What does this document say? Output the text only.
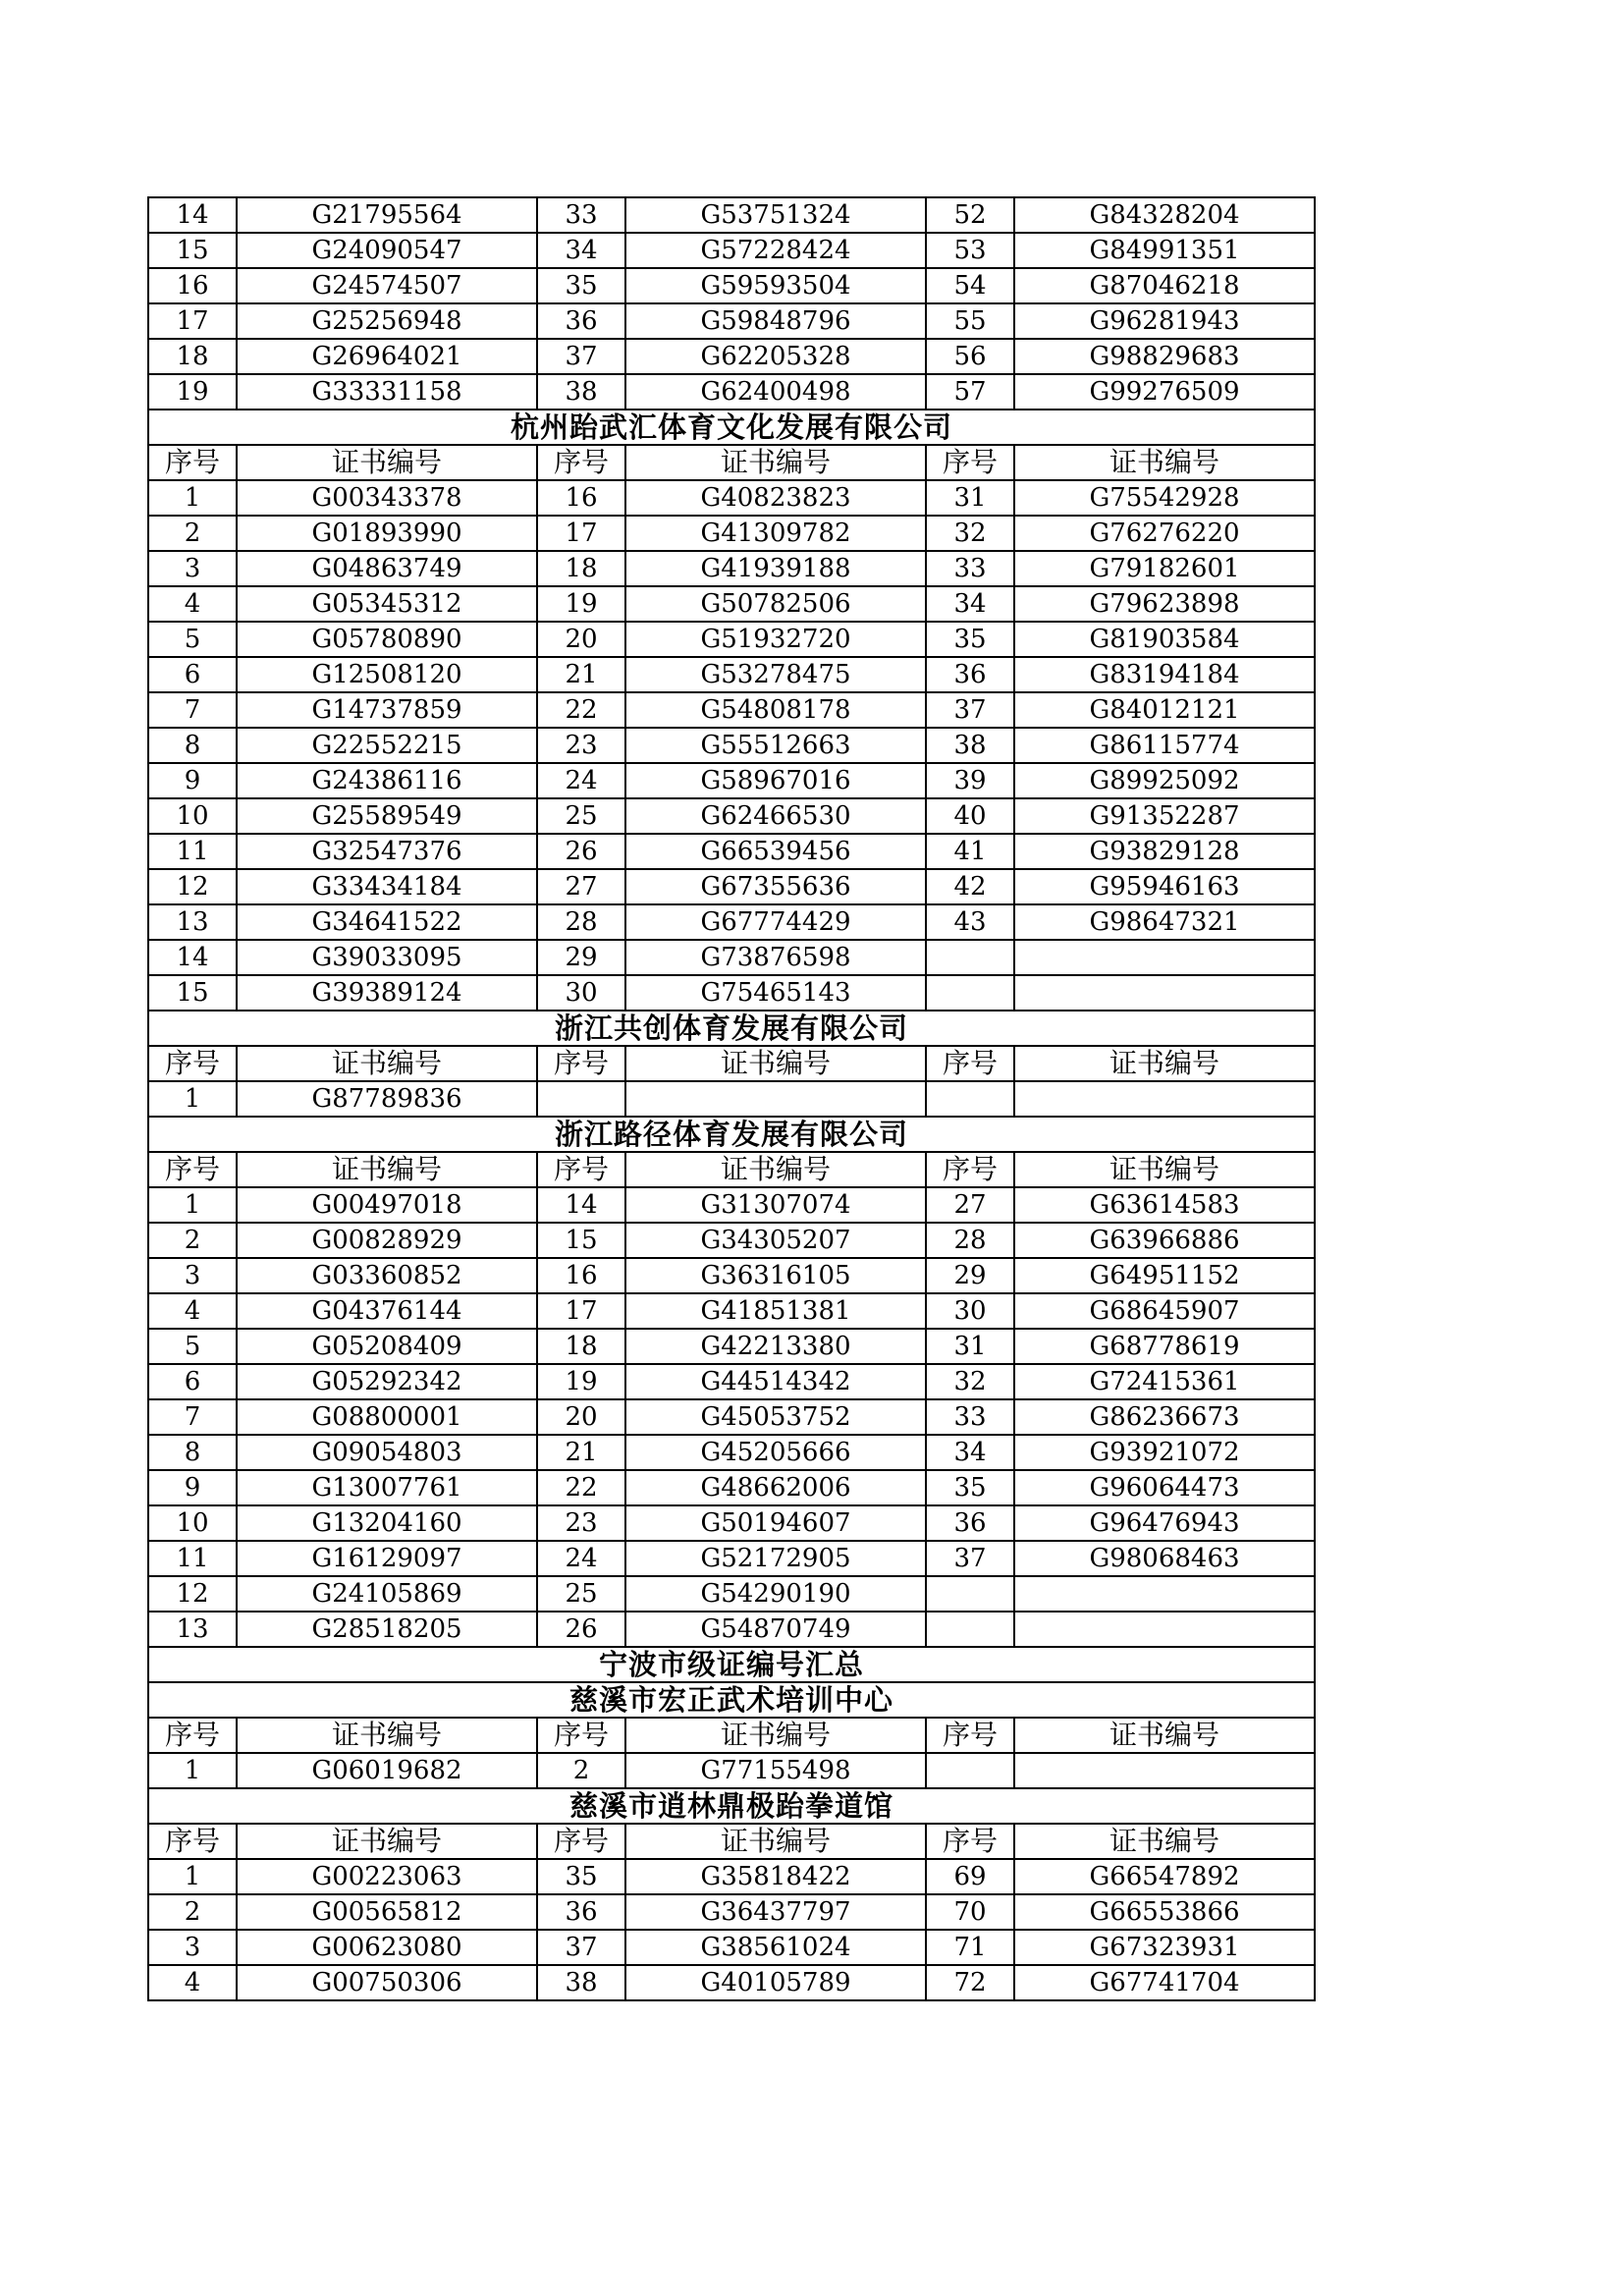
14	G21795564	33	G53751324	52	G84328204
15	G24090547	34	G57228424	53	G84991351
16	G24574507	35	G59593504	54	G87046218
17	G25256948	36	G59848796	55	G96281943
18	G26964021	37	G62205328	56	G98829683
19	G33331158	38	G62400498	57	G99276509
杭州跆武汇体育文化发展有限公司					
序号	证书编号	序号	证书编号	序号	证书编号
1	G00343378	16	G40823823	31	G75542928
2	G01893990	17	G41309782	32	G76276220
3	G04863749	18	G41939188	33	G79182601
4	G05345312	19	G50782506	34	G79623898
5	G05780890	20	G51932720	35	G81903584
6	G12508120	21	G53278475	36	G83194184
7	G14737859	22	G54808178	37	G84012121
8	G22552215	23	G55512663	38	G86115774
9	G24386116	24	G58967016	39	G89925092
10	G25589549	25	G62466530	40	G91352287
11	G32547376	26	G66539456	41	G93829128
12	G33434184	27	G67355636	42	G95946163
13	G34641522	28	G67774429	43	G98647321
14	G39033095	29	G73876598		
15	G39389124	30	G75465143		
浙江共创体育发展有限公司					
序号	证书编号	序号	证书编号	序号	证书编号
1	G87789836				
浙江路径体育发展有限公司					
序号	证书编号	序号	证书编号	序号	证书编号
1	G00497018	14	G31307074	27	G63614583
2	G00828929	15	G34305207	28	G63966886
3	G03360852	16	G36316105	29	G64951152
4	G04376144	17	G41851381	30	G68645907
5	G05208409	18	G42213380	31	G68778619
6	G05292342	19	G44514342	32	G72415361
7	G08800001	20	G45053752	33	G86236673
8	G09054803	21	G45205666	34	G93921072
9	G13007761	22	G48662006	35	G96064473
10	G13204160	23	G50194607	36	G96476943
11	G16129097	24	G52172905	37	G98068463
12	G24105869	25	G54290190		
13	G28518205	26	G54870749		
宁波市级证编号汇总					
慈溪市宏正武术培训中心					
序号	证书编号	序号	证书编号	序号	证书编号
1	G06019682	2	G77155498		
慈溪市逍林鼎极跆拳道馆					
序号	证书编号	序号	证书编号	序号	证书编号
1	G00223063	35	G35818422	69	G66547892
2	G00565812	36	G36437797	70	G66553866
3	G00623080	37	G38561024	71	G67323931
4	G00750306	38	G40105789	72	G67741704
